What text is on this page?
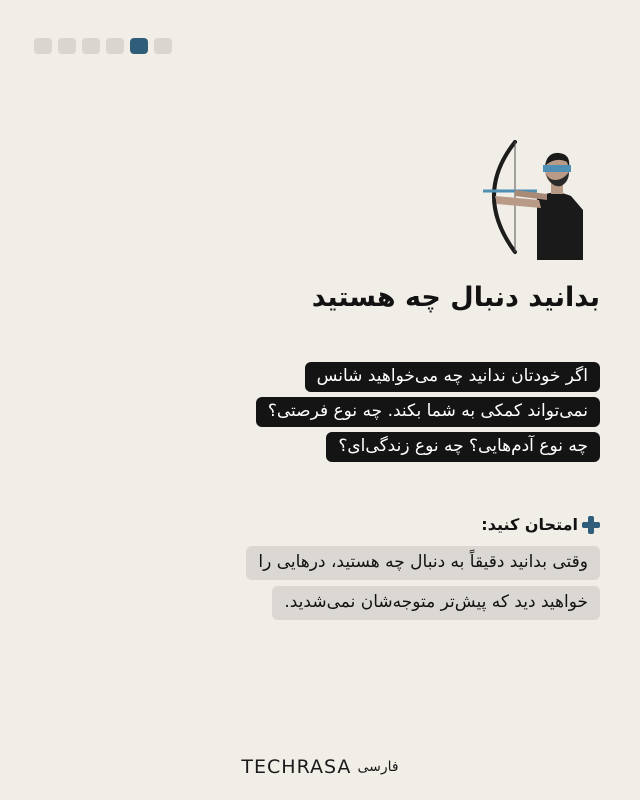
بدانید دنبال چه هستید
اگر خودتان ندانید چه می‌خواهید شانس
نمی‌تواند کمکی به شما بکند. چه نوع فرصتی؟
چه نوع آدم‌هایی؟ چه نوع زندگی‌ای؟
امتحان کنید:
وقتی بدانید دقیقاً به دنبال چه هستید، درهایی را
خواهید دید که پیش‌تر متوجه‌شان نمی‌شدید.
TECHRASA فارسی
